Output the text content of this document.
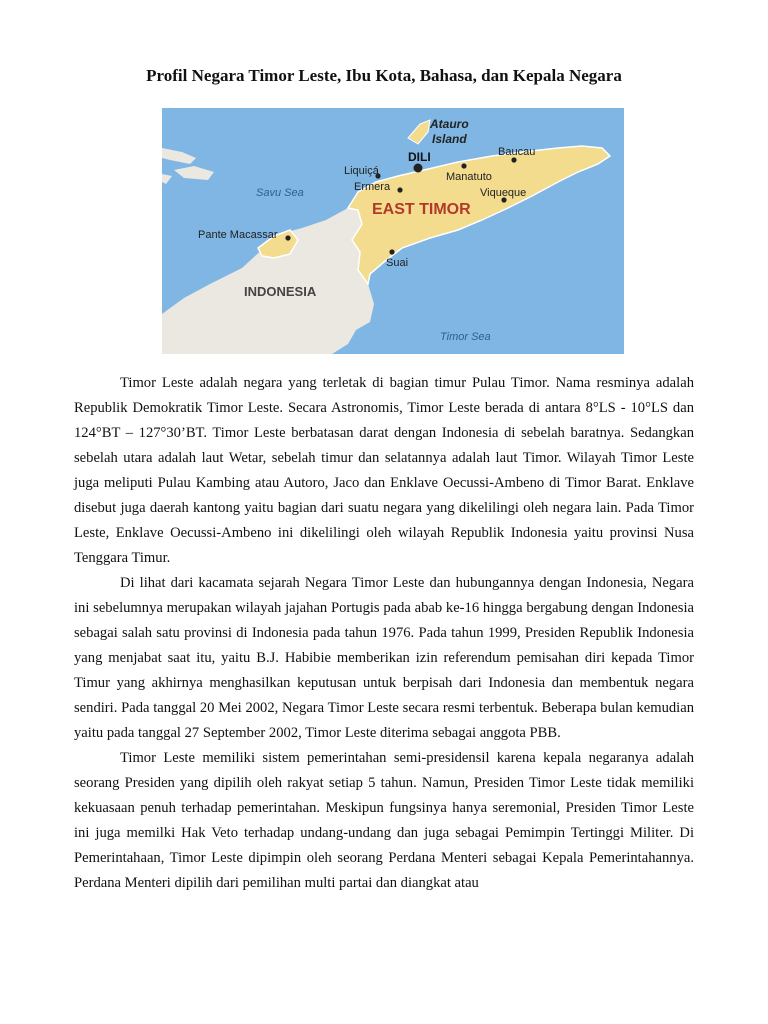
Profil Negara Timor Leste, Ibu Kota, Bahasa, dan Kepala Negara
Atauro
Island
DILI	Baucau
Liquiçá	Manatuto
Ermera	Viqueque
Savu Sea
EAST TIMOR
Pante Macassar
Suai
INDONESIA
Timor Sea

Timor Leste adalah negara yang terletak di bagian timur Pulau Timor. Nama resminya adalah Republik Demokratik Timor Leste. Secara Astronomis, Timor Leste berada di antara 8°LS - 10°LS dan 124°BT – 127°30’BT. Timor Leste berbatasan darat dengan Indonesia di sebelah baratnya. Sedangkan sebelah utara adalah laut Wetar, sebelah timur dan selatannya adalah laut Timor. Wilayah Timor Leste juga meliputi Pulau Kambing atau Autoro, Jaco dan Enklave Oecussi-Ambeno di Timor Barat. Enklave disebut juga daerah kantong yaitu bagian dari suatu negara yang dikelilingi oleh negara lain. Pada Timor Leste, Enklave Oecussi-Ambeno ini dikelilingi oleh wilayah Republik Indonesia yaitu provinsi Nusa Tenggara Timur.

Di lihat dari kacamata sejarah Negara Timor Leste dan hubungannya dengan Indonesia, Negara ini sebelumnya merupakan wilayah jajahan Portugis pada abab ke-16 hingga bergabung dengan Indonesia sebagai salah satu provinsi di Indonesia pada tahun 1976. Pada tahun 1999, Presiden Republik Indonesia yang menjabat saat itu, yaitu B.J. Habibie memberikan izin referendum pemisahan diri kepada Timor Timur yang akhirnya menghasilkan keputusan untuk berpisah dari Indonesia dan membentuk negara sendiri. Pada tanggal 20 Mei 2002, Negara Timor Leste secara resmi terbentuk. Beberapa bulan kemudian yaitu pada tanggal 27 September 2002, Timor Leste diterima sebagai anggota PBB.

Timor Leste memiliki sistem pemerintahan semi-presidensil karena kepala negaranya adalah seorang Presiden yang dipilih oleh rakyat setiap 5 tahun. Namun, Presiden Timor Leste tidak memiliki kekuasaan penuh terhadap pemerintahan. Meskipun fungsinya hanya seremonial, Presiden Timor Leste ini juga memilki Hak Veto terhadap undang-undang dan juga sebagai Pemimpin Tertinggi Militer. Di Pemerintahaan, Timor Leste dipimpin oleh seorang Perdana Menteri sebagai Kepala Pemerintahannya. Perdana Menteri dipilih dari pemilihan multi partai dan diangkat atau
